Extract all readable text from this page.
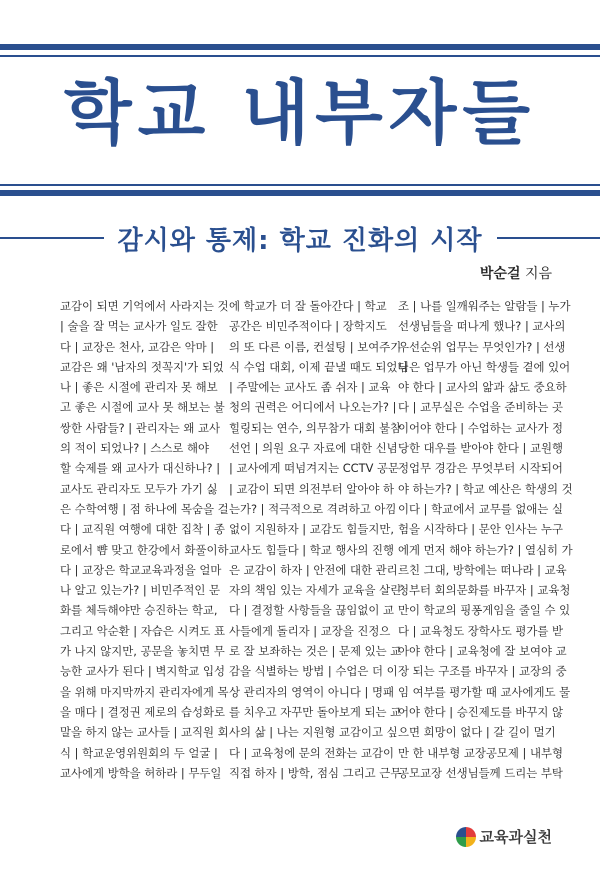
학교 내부자들
감시와 통제: 학교 진화의 시작
박순걸 지음
교감이 되면 기억에서 사라지는 것
| 술을 잘 먹는 교사가 일도 잘한
다 | 교장은 천사, 교감은 악마 |
교감은 왜 '남자의 젓꼭지'가 되었
나 | 좋은 시절에 관리자 못 해보
고 좋은 시절에 교사 못 해보는 불
쌍한 사람들? | 관리자는 왜 교사
의 적이 되었나? | 스스로 해야
할 숙제를 왜 교사가 대신하나? |
교사도 관리자도 모두가 가기 싫
은 수학여행 | 점 하나에 목숨을 걸
다 | 교직원 여행에 대한 집착 | 종
로에서 뺨 맞고 한강에서 화풀이하
다 | 교장은 학교교육과정을 얼마
나 알고 있는가? | 비민주적인 문
화를 체득해야만 승진하는 학교,
그리고 악순환 | 자습은 시켜도 표
가 나지 않지만, 공문을 놓치면 무
능한 교사가 된다 | 벽지학교 입성
을 위해 마지막까지 관리자에게 목
을 매다 | 결정권 제로의 습성화로
말을 하지 않는 교사들 | 교직원 회
식 | 학교운영위원회의 두 얼굴 |
교사에게 방학을 허하라 | 무두일
에 학교가 더 잘 돌아간다 | 학교
공간은 비민주적이다 | 장학지도
의 또 다른 이름, 컨설팅 | 보여주기
식 수업 대회, 이제 끝낼 때도 되었다
| 주말에는 교사도 좀 쉬자 | 교육
청의 권력은 어디에서 나오는가? |
힐링되는 연수, 의무참가 대회 불참
선언 | 의원 요구 자료에 대한 신념
| 교사에게 떠넘겨지는 CCTV 공문
| 교감이 되면 의전부터 알아야 하
는가? | 적극적으로 격려하고 아낌
없이 지원하자 | 교감도 힘들지만,
교사도 힘들다 | 학교 행사의 진행
은 교감이 하자 | 안전에 대한 관리
자의 책임 있는 자세가 교육을 살린
다 | 결정할 사항들을 끊임없이 교
사들에게 돌리자 | 교장을 진정으
로 잘 보좌하는 것은 | 문제 있는 교
감을 식별하는 방법 | 수업은 더 이
상 관리자의 영역이 아니다 | 명패
를 치우고 자꾸만 돌아보게 되는 교
사의 삶 | 나는 지원형 교감이고 싶
다 | 교육청에 문의 전화는 교감이
직접 하자 | 방학, 점심 그리고 근무
조 | 나를 일깨워주는 알람들 | 누가
선생님들을 떠나게 했나? | 교사의
우선순위 업무는 무엇인가? | 선생
님은 업무가 아닌 학생들 곁에 있어
야 한다 | 교사의 앎과 삶도 중요하
다 | 교무실은 수업을 준비하는 곳
이어야 한다 | 수업하는 교사가 정
당한 대우를 받아야 한다 | 교원행
정업무 경감은 무엇부터 시작되어
야 하는가? | 학교 예산은 학생의 것
이다 | 학교에서 교무를 없애는 실
험을 시작하다 | 문안 인사는 누구
에게 먼저 해야 하는가? | 열심히 가
르친 그대, 방학에는 떠나라 | 교육
청부터 회의문화를 바꾸자 | 교육청
만이 학교의 핑퐁게임을 줄일 수 있
다 | 교육청도 장학사도 평가를 받
아야 한다 | 교육청에 잘 보여야 교
장 되는 구조를 바꾸자 | 교장의 중
임 여부를 평가할 때 교사에게도 물
어야 한다 | 승진제도를 바꾸지 않
으면 희망이 없다 | 갈 길이 멀기
만 한 내부형 교장공모제 | 내부형
공모교장 선생님들께 드리는 부탁
교육과실천
